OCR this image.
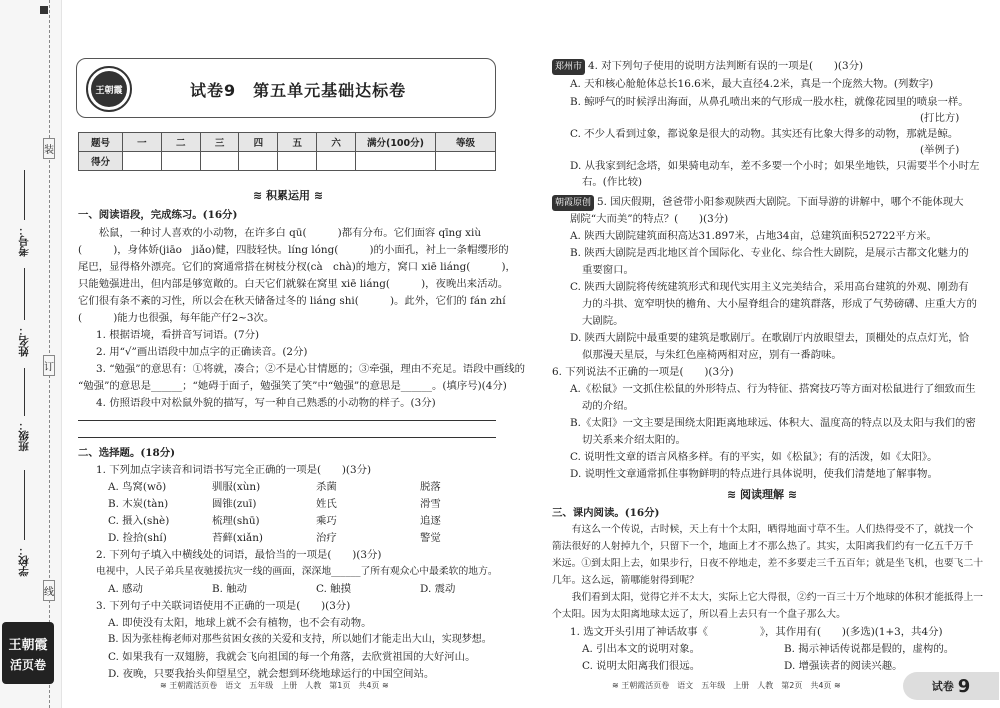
装
订
线
考号：
姓名：
班级：
学校：
王朝霞
活页卷
王朝霞	试卷9　第五单元基础达标卷
题号	一	二	三	四	五	六	满分(100分)	等级
得分								
≋ 积累运用 ≋
一、阅读语段，完成练习。(16分)
　　松鼠，一种讨人喜欢的小动物，在许多白 qū(　　　)都有分布。它们面容 qīng xiù
(　　　)，身体娇(jiāo　jiǎo)健，四肢轻快。líng lóng(　　　)的小面孔，衬上一条帽缨形的
尾巴，显得格外漂亮。它们的窝通常搭在树枝分杈(cà　chà)的地方，窝口 xiē liáng(　　　)，
只能勉强进出，但内部是够宽敞的。白天它们就躲在窝里 xiē liáng(　　　)，夜晚出来活动。
它们很有条不紊的习性，所以会在秋天储备过冬的 liáng shi(　　　)。此外，它们的 fán zhí
(　　　)能力也很强，每年能产仔2~3次。
1. 根据语境，看拼音写词语。(7分)
2. 用“√”画出语段中加点字的正确读音。(2分)
3. “勉强”的意思有：①将就，凑合；②不是心甘情愿的；③牵强，理由不充足。语段中画线的
“勉强”的意思是______；“她碍于面子，勉强笑了笑”中“勉强”的意思是______。(填序号)(4分)
4. 仿照语段中对松鼠外貌的描写，写一种自己熟悉的小动物的样子。(3分)
二、选择题。(18分)
1. 下列加点字读音和词语书写完全正确的一项是(　　)(3分)
A. 鸟窝(wō)	驯服(xùn)	杀菌	脱落
B. 木炭(tàn)	圆锥(zuī)	姓氏	滑雪
C. 摄入(shè)	梳理(shū)	乘巧	追逐
D. 捡拾(shí)	苔藓(xiǎn)	治疗	警觉
2. 下列句子填入中横线处的词语，最恰当的一项是(　　)(3分)
电视中，人民子弟兵星夜驰援抗灾一线的画面，深深地______了所有观众心中最柔软的地方。
A. 感动	B. 触动	C. 触摸	D. 震动
3. 下列句子中关联词语使用不正确的一项是(　　)(3分)
A. 即使没有太阳，地球上就不会有植物，也不会有动物。
B. 因为张桂梅老师对那些贫困女孩的关爱和支持，所以她们才能走出大山，实现梦想。
C. 如果我有一双翅膀，我就会飞向祖国的每一个角落，去欣赏祖国的大好河山。
D. 夜晚，只要我抬头仰望星空，就会想到环绕地球运行的中国空间站。
≋ 王朝霞活页卷　语文　五年级　上册　人教　第1页　共4页 ≋
郑州市 4. 对下列句子使用的说明方法判断有误的一项是(　　)(3分)
A. 天和核心舱舱体总长16.6米，最大直径4.2米，真是一个庞然大物。(列数字)
B. 鲸呼气的时候浮出海面，从鼻孔喷出来的气形成一股水柱，就像花园里的喷泉一样。
(打比方)
C. 不少人看到过象，都说象是很大的动物。其实还有比象大得多的动物，那就是鲸。
(举例子)
D. 从我家到纪念塔，如果骑电动车，差不多要一个小时；如果坐地铁，只需要半个小时左
右。(作比较)
朝霞原创 5. 国庆假期，爸爸带小阳参观陕西大剧院。下面导游的讲解中，哪个不能体现大
剧院“大而美”的特点？(　　)(3分)
A. 陕西大剧院建筑面积高达31.897米，占地34亩，总建筑面积52722平方米。
B. 陕西大剧院是西北地区首个国际化、专业化、综合性大剧院，是展示古都文化魅力的
重要窗口。
C. 陕西大剧院将传统建筑形式和现代实用主义完美结合，采用高台建筑的外观、刚劲有
力的斗拱、宽窄明快的檐角、大小屋脊组合的建筑群落，形成了气势磅礴、庄重大方的
大剧院。
D. 陕西大剧院中最重要的建筑是歌剧厅。在歌剧厅内放眼望去，顶棚处的点点灯光，恰
似那漫天星辰，与朱红色座椅两相对应，别有一番韵味。
6. 下列说法不正确的一项是(　　)(3分)
A.《松鼠》一文抓住松鼠的外形特点、行为特征、搭窝技巧等方面对松鼠进行了细致而生
动的介绍。
B.《太阳》一文主要是围绕太阳距离地球远、体积大、温度高的特点以及太阳与我们的密
切关系来介绍太阳的。
C. 说明性文章的语言风格多样。有的平实，如《松鼠》；有的活泼，如《太阳》。
D. 说明性文章通常抓住事物鲜明的特点进行具体说明，使我们清楚地了解事物。
≋ 阅读理解 ≋
三、课内阅读。(16分)
　　有这么一个传说，古时候，天上有十个太阳，晒得地面寸草不生。人们热得受不了，就找一个
箭法很好的人射掉九个，只留下一个，地面上才不那么热了。其实，太阳离我们约有一亿五千万千
米远。①到太阳上去，如果步行，日夜不停地走，差不多要走三千五百年；就是坐飞机，也要飞二十
几年。这么远，箭哪能射得到呢？
　　我们看到太阳，觉得它并不太大，实际上它大得很，②约一百三十万个地球的体积才能抵得上一
个太阳。因为太阳离地球太远了，所以看上去只有一个盘子那么大。
1. 选文开头引用了神话故事《　　　　　》，其作用有(　　)(多选)(1+3，共4分)
A. 引出本文的说明对象。	B. 揭示神话传说都是假的，虚构的。
C. 说明太阳离我们很远。	D. 增强读者的阅读兴趣。
≋ 王朝霞活页卷　语文　五年级　上册　人教　第2页　共4页 ≋	试卷 9
